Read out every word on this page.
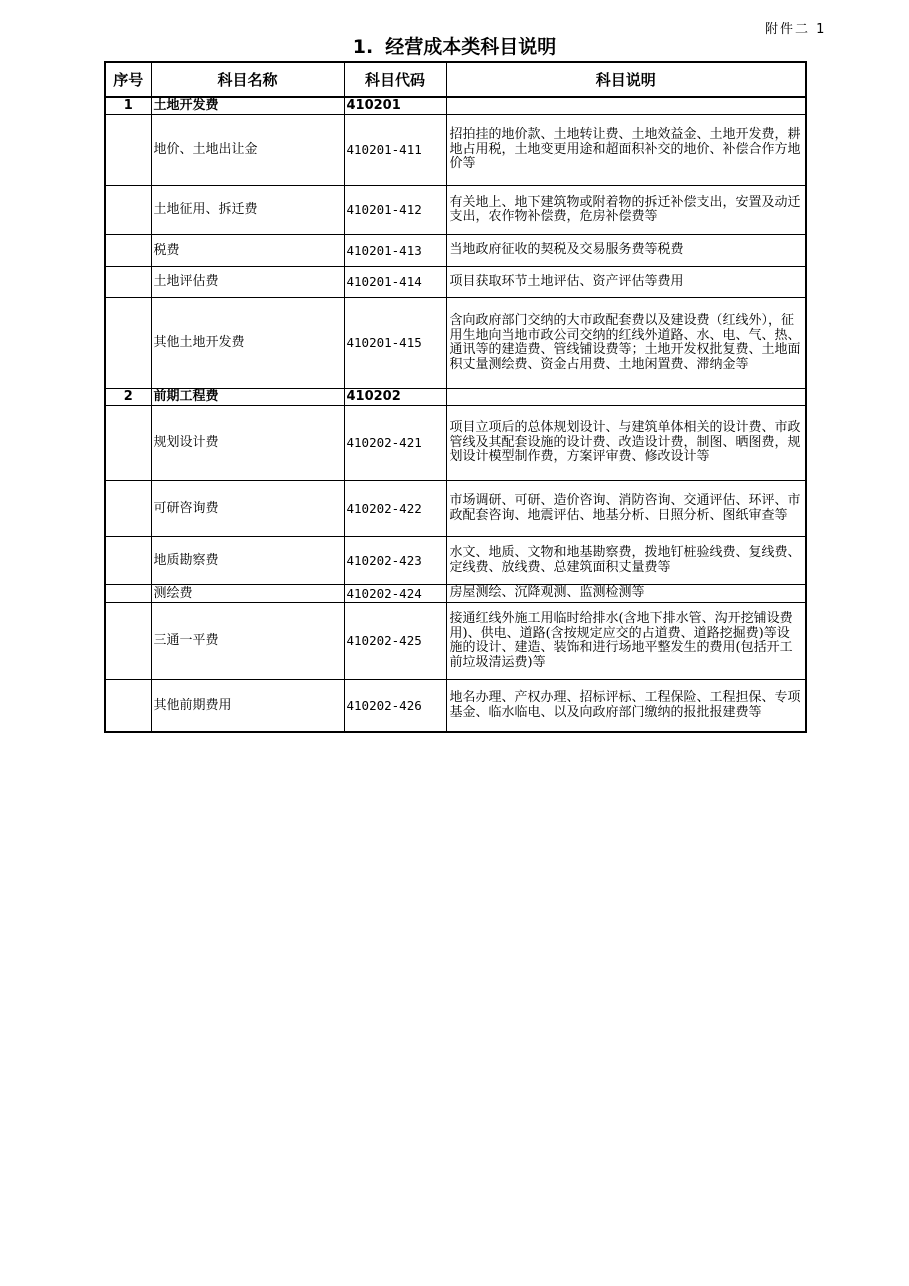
附件二 1
1. 经营成本类科目说明
序号	科目名称	科目代码	科目说明
1	土地开发费	410201	
	地价、土地出让金	410201-411	招拍挂的地价款、土地转让费、土地效益金、土地开发费，耕地占用税，土地变更用途和超面积补交的地价、补偿合作方地价等
	土地征用、拆迁费	410201-412	有关地上、地下建筑物或附着物的拆迁补偿支出，安置及动迁支出，农作物补偿费，危房补偿费等
	税费	410201-413	当地政府征收的契税及交易服务费等税费
	土地评估费	410201-414	项目获取环节土地评估、资产评估等费用
	其他土地开发费	410201-415	含向政府部门交纳的大市政配套费以及建设费（红线外），征用生地向当地市政公司交纳的红线外道路、水、电、气、热、通讯等的建造费、管线铺设费等；土地开发权批复费、土地面积丈量测绘费、资金占用费、土地闲置费、滞纳金等
2	前期工程费	410202	
	规划设计费	410202-421	项目立项后的总体规划设计、与建筑单体相关的设计费、市政管线及其配套设施的设计费、改造设计费，制图、晒图费，规划设计模型制作费，方案评审费、修改设计等
	可研咨询费	410202-422	市场调研、可研、造价咨询、消防咨询、交通评估、环评、市政配套咨询、地震评估、地基分析、日照分析、图纸审查等
	地质勘察费	410202-423	水文、地质、文物和地基勘察费，拨地钉桩验线费、复线费、定线费、放线费、总建筑面积丈量费等
	测绘费	410202-424	房屋测绘、沉降观测、监测检测等
	三通一平费	410202-425	接通红线外施工用临时给排水(含地下排水管、沟开挖铺设费用)、供电、道路(含按规定应交的占道费、道路挖掘费)等设施的设计、建造、装饰和进行场地平整发生的费用(包括开工前垃圾清运费)等
	其他前期费用	410202-426	地名办理、产权办理、招标评标、工程保险、工程担保、专项基金、临水临电、以及向政府部门缴纳的报批报建费等
